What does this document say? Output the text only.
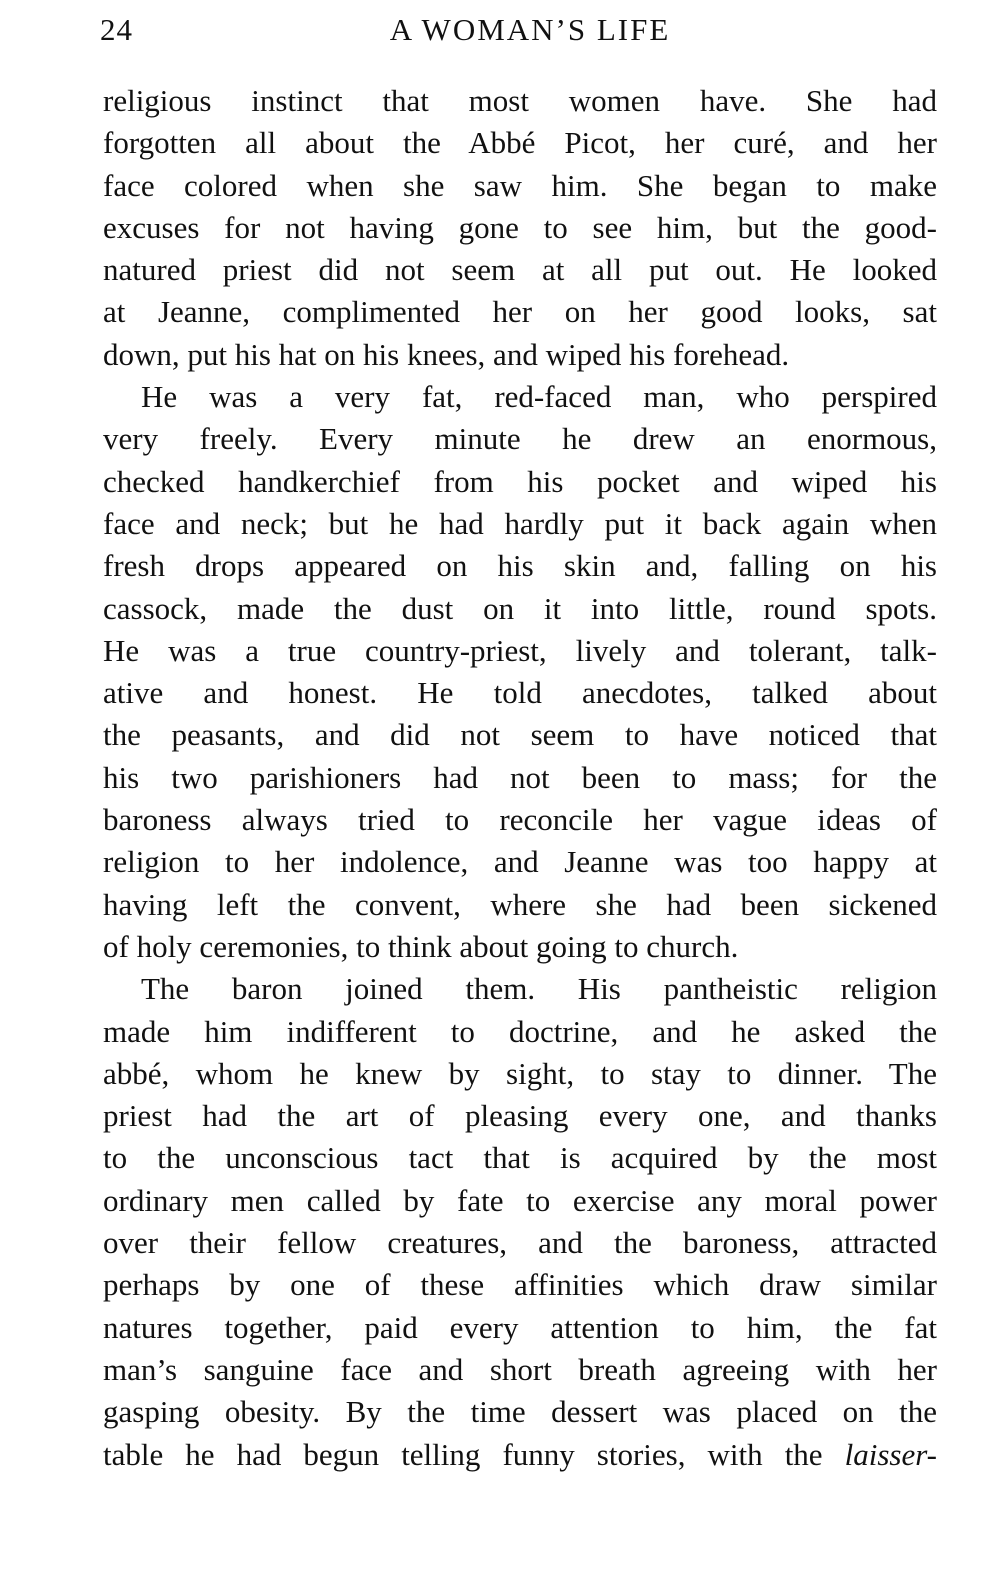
24	A WOMAN’S LIFE
religious instinct that most women have. She had
forgotten all about the Abbé Picot, her curé, and her
face colored when she saw him. She began to make
excuses for not having gone to see him, but the good-
natured priest did not seem at all put out. He looked
at Jeanne, complimented her on her good looks, sat
down, put his hat on his knees, and wiped his forehead.
He was a very fat, red-faced man, who perspired
very freely. Every minute he drew an enormous,
checked handkerchief from his pocket and wiped his
face and neck; but he had hardly put it back again when
fresh drops appeared on his skin and, falling on his
cassock, made the dust on it into little, round spots.
He was a true country-priest, lively and tolerant, talk-
ative and honest. He told anecdotes, talked about
the peasants, and did not seem to have noticed that
his two parishioners had not been to mass; for the
baroness always tried to reconcile her vague ideas of
religion to her indolence, and Jeanne was too happy at
having left the convent, where she had been sickened
of holy ceremonies, to think about going to church.
The baron joined them. His pantheistic religion
made him indifferent to doctrine, and he asked the
abbé, whom he knew by sight, to stay to dinner. The
priest had the art of pleasing every one, and thanks
to the unconscious tact that is acquired by the most
ordinary men called by fate to exercise any moral power
over their fellow creatures, and the baroness, attracted
perhaps by one of these affinities which draw similar
natures together, paid every attention to him, the fat
man’s sanguine face and short breath agreeing with her
gasping obesity. By the time dessert was placed on the
table he had begun telling funny stories, with the laisser-
